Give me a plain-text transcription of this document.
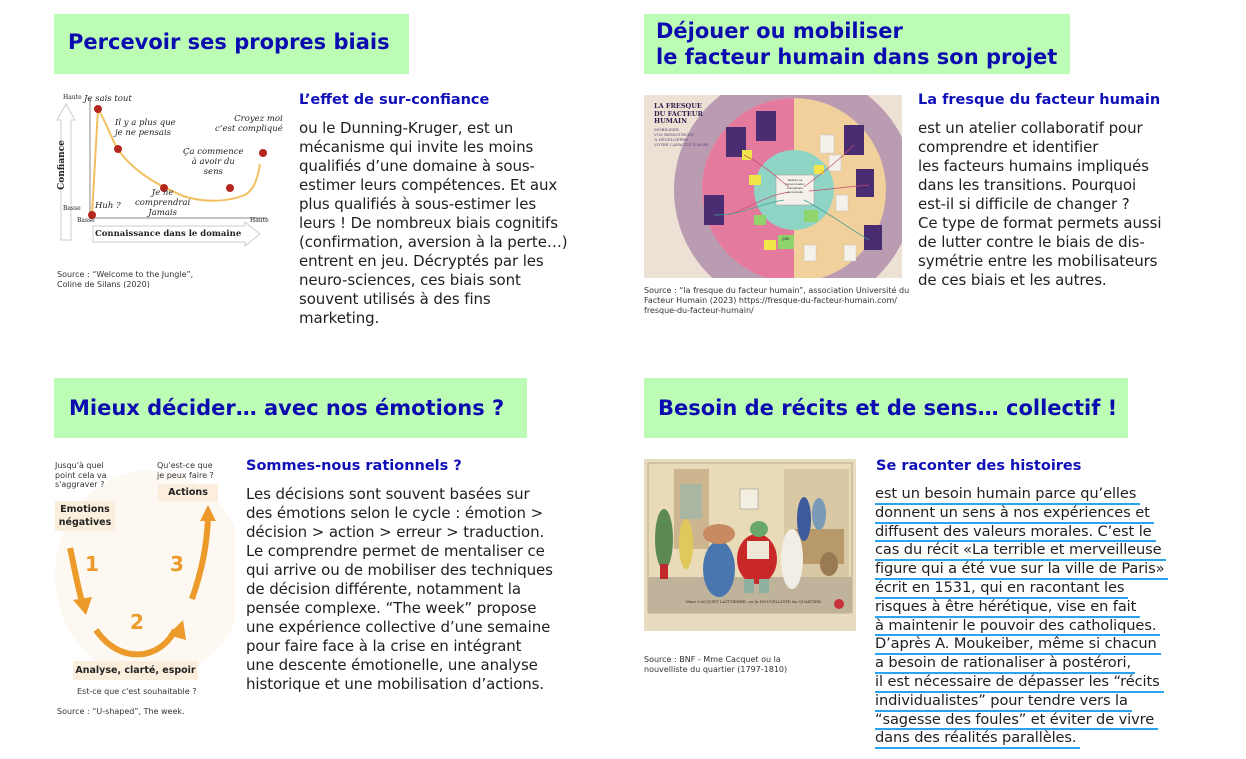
Percevoir ses propres biais
Confiance
Haute
Basse
Basse	Haute
Connaissance dans le domaine
Huh ?
Je sais tout
Il y a plus que
je ne pensais
Je ne
comprendrai
Jamais
Ça commence
à avoir du
sens
Croyez moi
c’est compliqué
Source : “Welcome to the Jungle”,
Coline de Silans (2020)
L’effet de sur-confiance
ou le Dunning-Kruger, est un
mécanisme qui invite les moins
qualifiés d’une domaine à sous-
estimer leurs compétences. Et aux
plus qualifiés à sous-estimer les
leurs ! De nombreux biais cognitifs
(confirmation, aversion à la perte…)
entrent en jeu. Décryptés par les
neuro-sciences, ces biais sont
souvent utilisés à des fins
marketing.
Déjouer ou mobiliser
le facteur humain dans son projet
LA FRESQUE
DU FACTEUR
HUMAIN
MOBILISER
VOS RESSOURCES
& DÉVELOPPER
VOTRE CAPACITÉ D’AGIR
Réduire sa
consommation
énergétique
personnelle
joie
Source : “la fresque du facteur humain”, association Université du
Facteur Humain (2023) https://fresque-du-facteur-humain.com/
fresque-du-facteur-humain/
La fresque du facteur humain
est un atelier collaboratif pour
comprendre et identifier
les facteurs humains impliqués
dans les transitions. Pourquoi
est-il si difficile de changer ?
Ce type de format permets aussi
de lutter contre le biais de dis-
symétrie entre les mobilisateurs
de ces biais et les autres.
Mieux décider… avec nos émotions ?
Jusqu'à quel
point cela va
s'aggraver ?
Emotions
négatives
Qu'est-ce que
je peux faire ?
Actions
1
2
3
Analyse, clarté, espoir
Est-ce que c'est souhaitable ?
Source : “U-shaped”, The week.
Sommes-nous rationnels ?
Les décisions sont souvent basées sur
des émotions selon le cycle : émotion >
décision > action > erreur > traduction.
Le comprendre permet de mentaliser ce
qui arrive ou de mobiliser des techniques
de décision différente, notamment la
pensée complexe. “The week” propose
une expérience collective d’une semaine
pour faire face à la crise en intégrant
une descente émotionelle, une analyse
historique et une mobilisation d’actions.
Besoin de récits et de sens… collectif !
Mme CACQUET LAITTIERRE, ou la NOUVELLISTE du QUARTIER.
Source : BNF - Mme Cacquet ou la
nouvelliste du quartier (1797-1810)
Se raconter des histoires
est un besoin humain parce qu’elles
donnent un sens à nos expériences et
diffusent des valeurs morales. C’est le
cas du récit «La terrible et merveilleuse
figure qui a été vue sur la ville de Paris»
écrit en 1531, qui en racontant les
risques à être hérétique, vise en fait
à maintenir le pouvoir des catholiques.
D’après A. Moukeiber, même si chacun
a besoin de rationaliser à postérori,
il est nécessaire de dépasser les “récits
individualistes” pour tendre vers la
“sagesse des foules” et éviter de vivre
dans des réalités parallèles.
